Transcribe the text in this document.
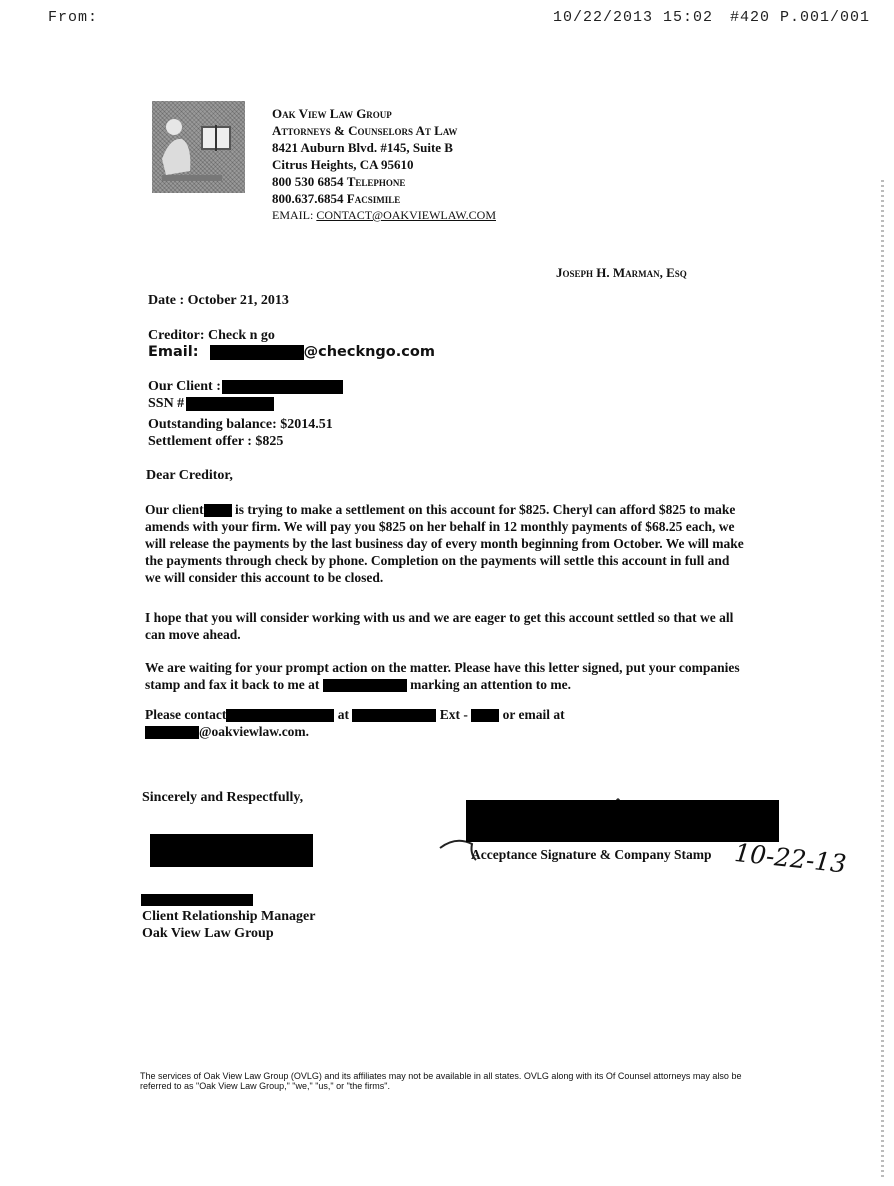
From:	10/22/2013 15:02 #420 P.001/001
Oak View Law Group
Attorneys & Counselors At Law
8421 Auburn Blvd. #145, Suite B
Citrus Heights, CA 95610
800 530 6854 Telephone
800.637.6854 Facsimile
EMAIL: CONTACT@OAKVIEWLAW.COM
Joseph H. Marman, Esq
Date : October 21, 2013
Creditor: Check n go
Email:	@checkngo.com
Our Client :
SSN #
Outstanding balance: $2014.51
Settlement offer : $825
Dear Creditor,
Our client is trying to make a settlement on this account for $825. Cheryl can afford $825 to make amends with your firm. We will pay you $825 on her behalf in 12 monthly payments of $68.25 each, we will release the payments by the last business day of every month beginning from October. We will make the payments through check by phone. Completion on the payments will settle this account in full and we will consider this account to be closed.
I hope that you will consider working with us and we are eager to get this account settled so that we all can move ahead.
We are waiting for your prompt action on the matter. Please have this letter signed, put your companies stamp and fax it back to me at	marking an attention to me.
Please contact	at	Ext -  or email at
@oakviewlaw.com.
Sincerely and Respectfully,
Client Relationship Manager
Oak View Law Group
Acceptance Signature & Company Stamp 10-22-13
The services of Oak View Law Group (OVLG) and its affiliates may not be available in all states. OVLG along with its Of Counsel attorneys may also be referred to as "Oak View Law Group," "we," "us," or "the firms".
